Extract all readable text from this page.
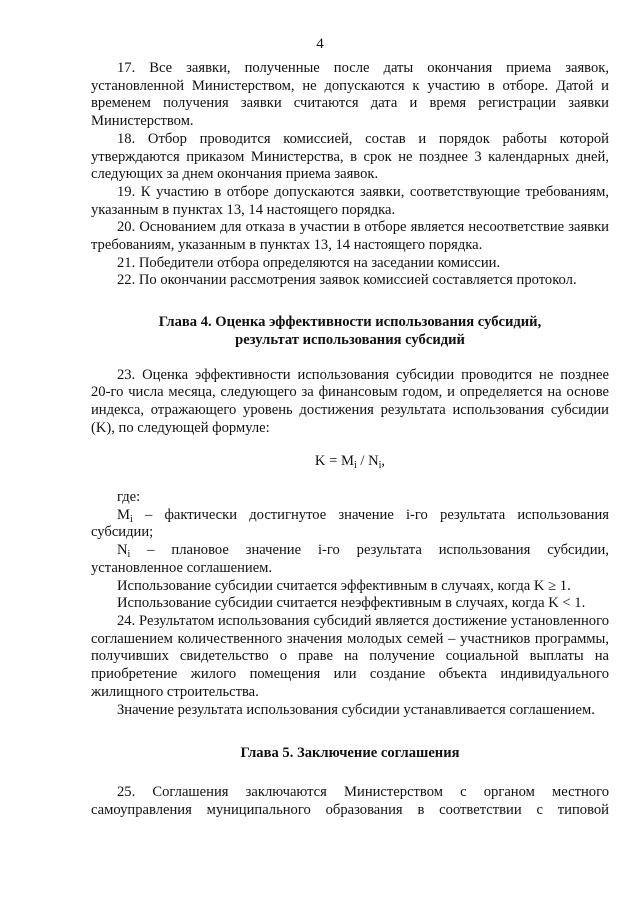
4

17. Все заявки, полученные после даты окончания приема заявок, установленной Министерством, не допускаются к участию в отборе. Датой и временем получения заявки считаются дата и время регистрации заявки Министерством.

18. Отбор проводится комиссией, состав и порядок работы которой утверждаются приказом Министерства, в срок не позднее 3 календарных дней, следующих за днем окончания приема заявок.

19. К участию в отборе допускаются заявки, соответствующие требованиям, указанным в пунктах 13, 14 настоящего порядка.

20. Основанием для отказа в участии в отборе является несоответствие заявки требованиям, указанным в пунктах 13, 14 настоящего порядка.

21. Победители отбора определяются на заседании комиссии.

22. По окончании рассмотрения заявок комиссией составляется протокол.

Глава 4. Оценка эффективности использования субсидий,

результат использования субсидий

23. Оценка эффективности использования субсидии проводится не позднее 20-го числа месяца, следующего за финансовым годом, и определяется на основе индекса, отражающего уровень достижения результата использования субсидии (K), по следующей формуле:

$K = M_i / N_i$,

где:

$M_i$ – фактически достигнутое значение i-го результата использования субсидии;

$N_i$ – плановое значение i-го результата использования субсидии, установленное соглашением.

Использование субсидии считается эффективным в случаях, когда K ≥ 1.

Использование субсидии считается неэффективным в случаях, когда K < 1.

24. Результатом использования субсидий является достижение установленного соглашением количественного значения молодых семей – участников программы, получивших свидетельство о праве на получение социальной выплаты на приобретение жилого помещения или создание объекта индивидуального жилищного строительства.

Значение результата использования субсидии устанавливается соглашением.

Глава 5. Заключение соглашения

25. Соглашения заключаются Министерством с органом местного самоуправления муниципального образования в соответствии с типовой
